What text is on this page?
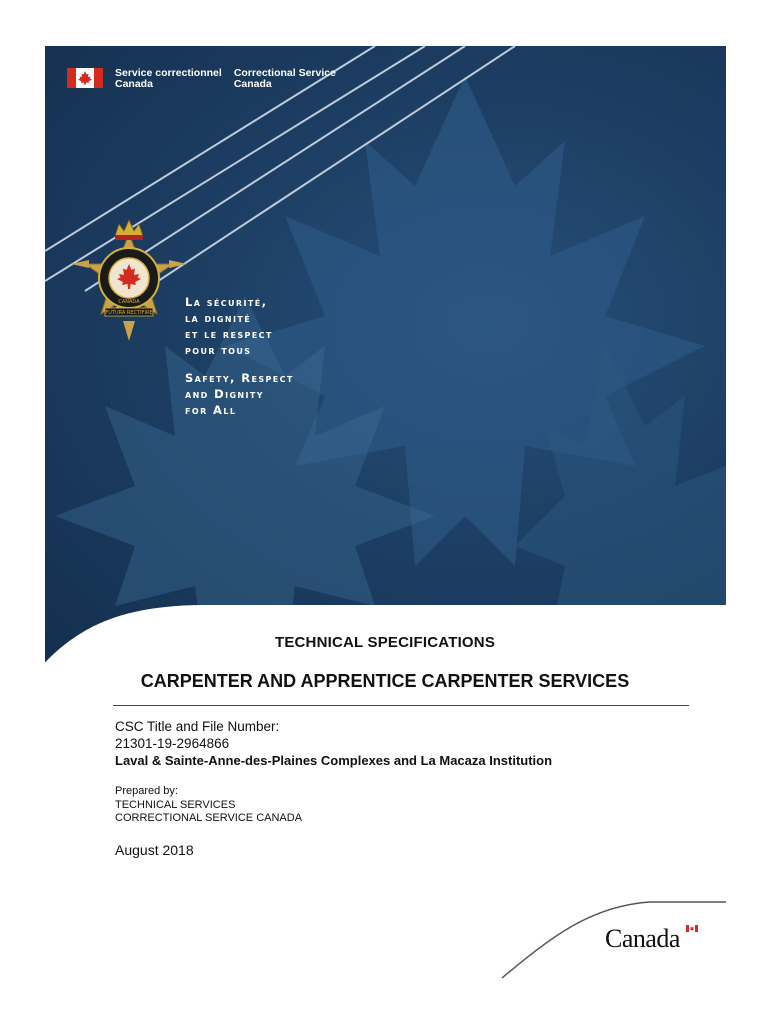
Service correctionnel
Canada
Correctional Service
Canada
FUTURA RECTIFIRE
CANADA	La sécurité,
la dignité
et le respect
pour tous
Safety, Respect
and Dignity
for All
TECHNICAL SPECIFICATIONS
CARPENTER AND APPRENTICE CARPENTER SERVICES
CSC Title and File Number:
21301-19-2964866
Laval & Sainte-Anne-des-Plaines Complexes and La Macaza Institution
Prepared by:
TECHNICAL SERVICES
CORRECTIONAL SERVICE CANADA
August 2018
Canada
